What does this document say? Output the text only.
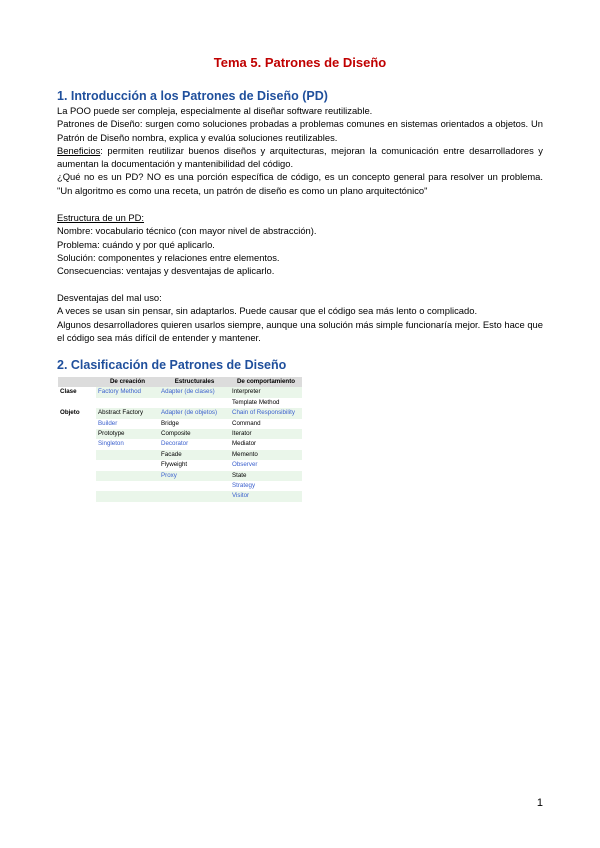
Tema 5. Patrones de Diseño
1. Introducción a los Patrones de Diseño (PD)
La POO puede ser compleja, especialmente al diseñar software reutilizable.
Patrones de Diseño: surgen como soluciones probadas a problemas comunes en sistemas orientados a objetos. Un Patrón de Diseño nombra, explica y evalúa soluciones reutilizables.
Beneficios: permiten reutilizar buenos diseños y arquitecturas, mejoran la comunicación entre desarrolladores y aumentan la documentación y mantenibilidad del código.
¿Qué no es un PD? NO es una porción específica de código, es un concepto general para resolver un problema. "Un algoritmo es como una receta, un patrón de diseño es como un plano arquitectónico"
Estructura de un PD:
Nombre: vocabulario técnico (con mayor nivel de abstracción).
Problema: cuándo y por qué aplicarlo.
Solución: componentes y relaciones entre elementos.
Consecuencias: ventajas y desventajas de aplicarlo.
Desventajas del mal uso:
A veces se usan sin pensar, sin adaptarlos. Puede causar que el código sea más lento o complicado.
Algunos desarrolladores quieren usarlos siempre, aunque una solución más simple funcionaría mejor. Esto hace que el código sea más difícil de entender y mantener.
2. Clasificación de Patrones de Diseño
	De creación	Estructurales	De comportamiento
Clase	Factory Method	Adapter (de clases)	Interpreter
			Template Method
Objeto	Abstract Factory	Adapter (de objetos)	Chain of Responsibility
	Builder	Bridge	Command
	Prototype	Composite	Iterator
	Singleton	Decorator	Mediator
		Facade	Memento
		Flyweight	Observer
		Proxy	State
			Strategy
			Visitor
1
